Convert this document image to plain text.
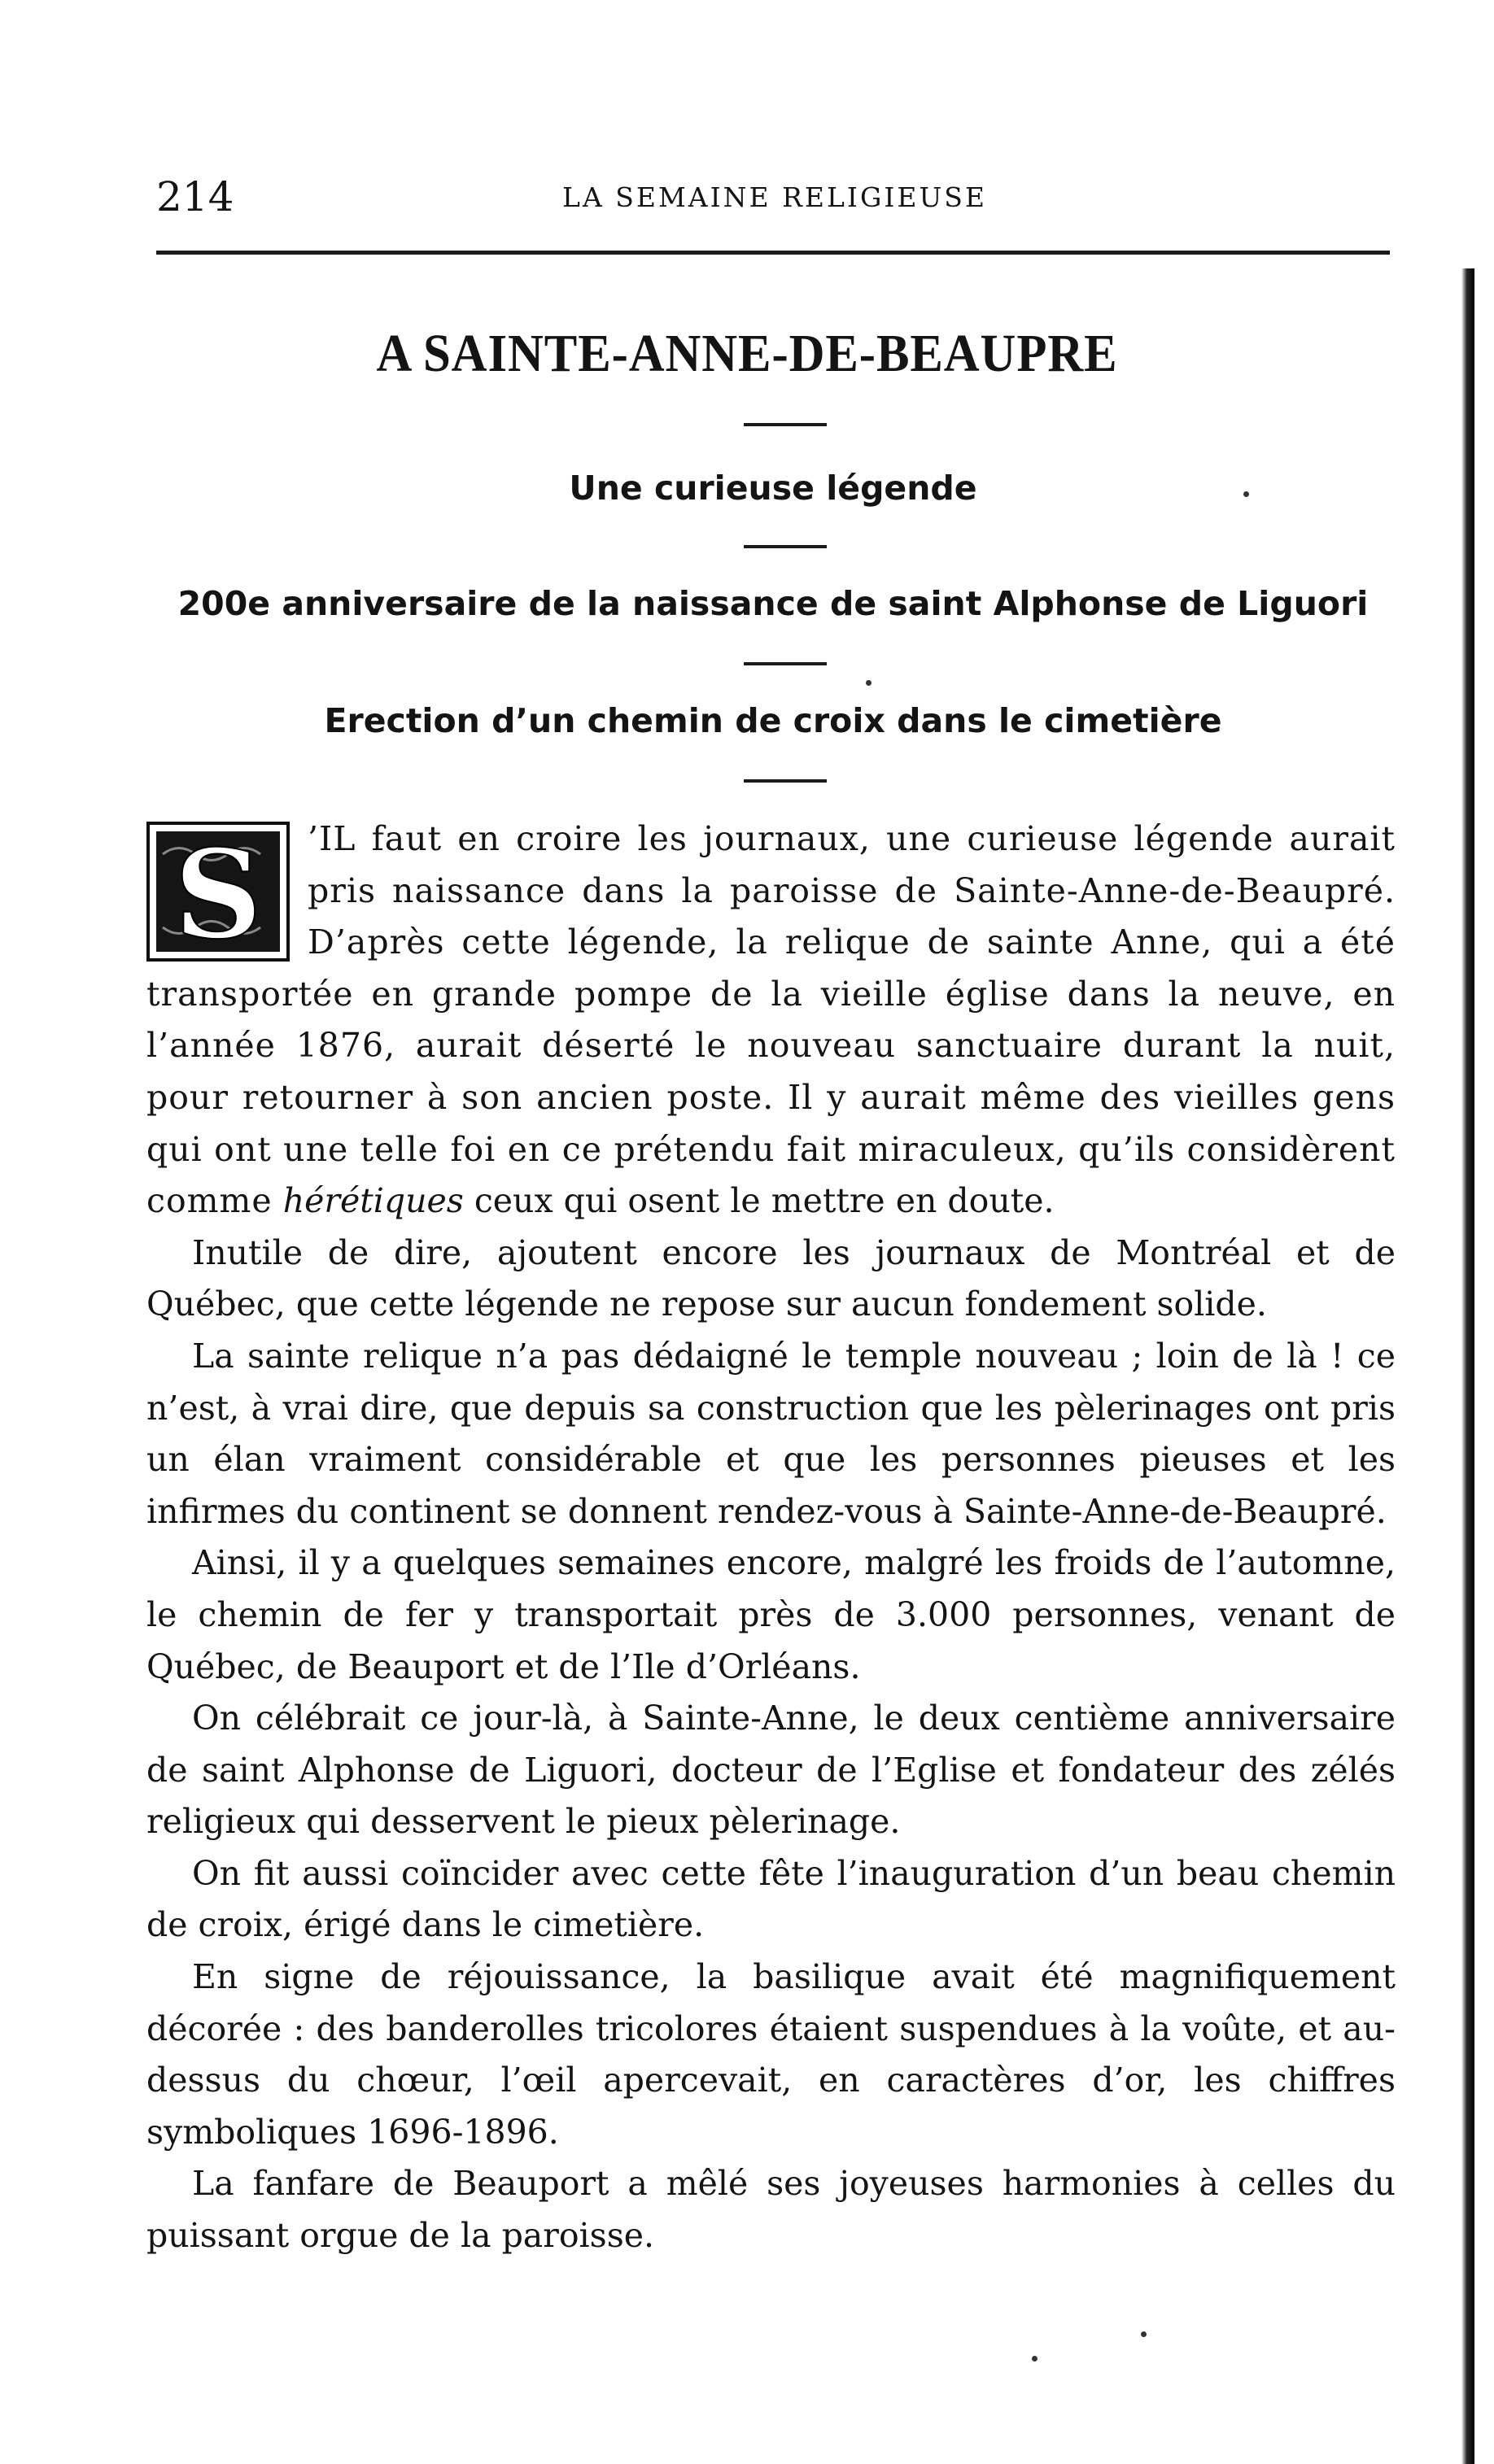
214	LA SEMAINE RELIGIEUSE
A SAINTE-ANNE-DE-BEAUPRE
Une curieuse légende
200e anniversaire de la naissance de saint Alphonse de Liguori
Erection d’un chemin de croix dans le cimetière

S ’IL faut en croire les journaux, une curieuse légende aurait pris naissance dans la paroisse de Sainte-Anne-de-Beaupré. D’après cette légende, la relique de sainte Anne, qui a été transportée en grande pompe de la vieille église dans la neuve, en l’année 1876, aurait déserté le nouveau sanctuaire durant la nuit, pour retourner à son ancien poste. Il y aurait même des vieilles gens qui ont une telle foi en ce prétendu fait miraculeux, qu’ils considèrent comme hérétiques ceux qui osent le mettre en doute.

Inutile de dire, ajoutent encore les journaux de Montréal et de Québec, que cette légende ne repose sur aucun fondement solide.

La sainte relique n’a pas dédaigné le temple nouveau ; loin de là ! ce n’est, à vrai dire, que depuis sa construction que les pèlerinages ont pris un élan vraiment considérable et que les personnes pieuses et les infirmes du continent se donnent rendez-vous à Sainte-Anne-de-Beaupré.

Ainsi, il y a quelques semaines encore, malgré les froids de l’automne, le chemin de fer y transportait près de 3.000 personnes, venant de Québec, de Beauport et de l’Ile d’Orléans.

On célébrait ce jour-là, à Sainte-Anne, le deux centième anniversaire de saint Alphonse de Liguori, docteur de l’Eglise et fondateur des zélés religieux qui desservent le pieux pèlerinage.

On fit aussi coïncider avec cette fête l’inauguration d’un beau chemin de croix, érigé dans le cimetière.

En signe de réjouissance, la basilique avait été magnifiquement décorée : des banderolles tricolores étaient suspendues à la voûte, et au-dessus du chœur, l’œil apercevait, en caractères d’or, les chiffres symboliques 1696-1896.

La fanfare de Beauport a mêlé ses joyeuses harmonies à celles du puissant orgue de la paroisse.
